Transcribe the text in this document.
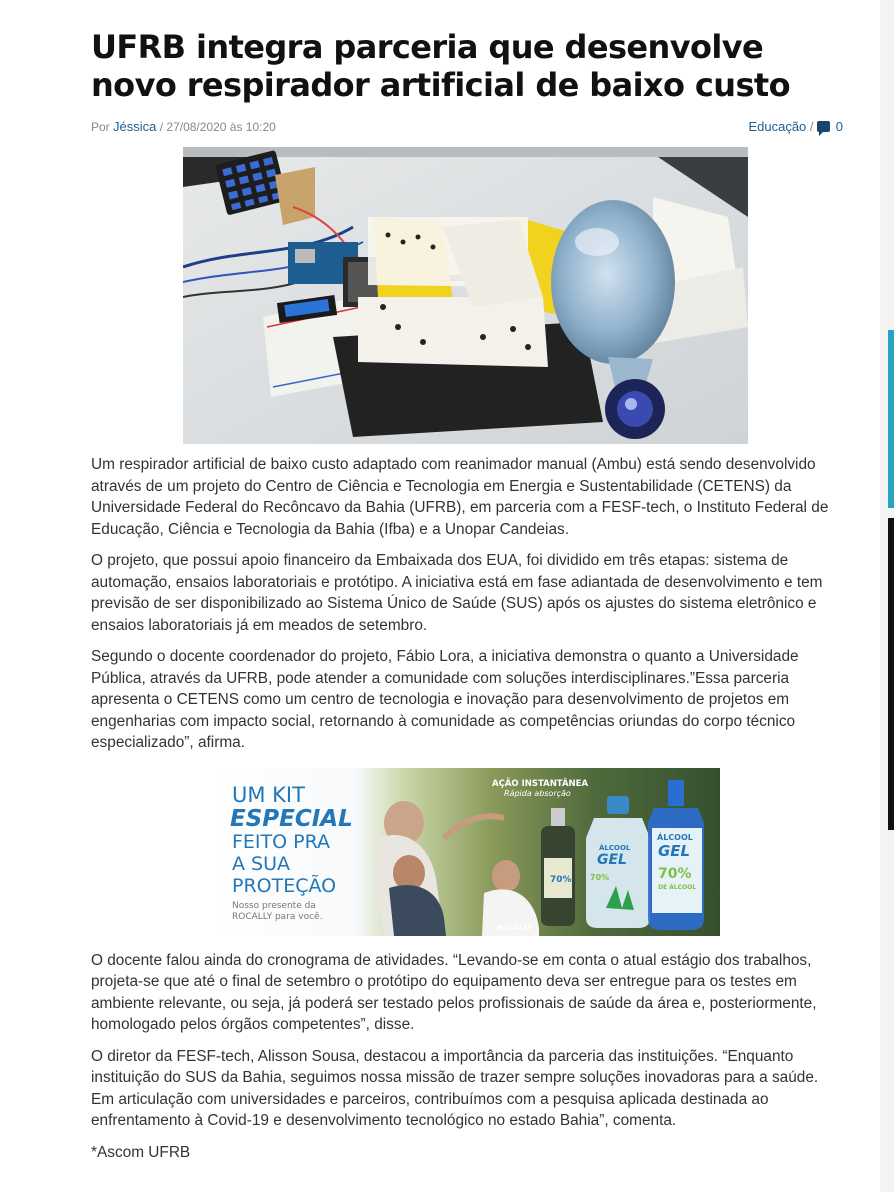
UFRB integra parceria que desenvolve novo respirador artificial de baixo custo
Por Jéssica / 27/08/2020 às 10:20	Educação /  0

Um respirador artificial de baixo custo adaptado com reanimador manual (Ambu) está sendo desenvolvido através de um projeto do Centro de Ciência e Tecnologia em Energia e Sustentabilidade (CETENS) da Universidade Federal do Recôncavo da Bahia (UFRB), em parceria com a FESF-tech, o Instituto Federal de Educação, Ciência e Tecnologia da Bahia (Ifba) e a Unopar Candeias.

O projeto, que possui apoio financeiro da Embaixada dos EUA, foi dividido em três etapas: sistema de automação, ensaios laboratoriais e protótipo. A iniciativa está em fase adiantada de desenvolvimento e tem previsão de ser disponibilizado ao Sistema Único de Saúde (SUS) após os ajustes do sistema eletrônico e ensaios laboratoriais já em meados de setembro.

Segundo o docente coordenador do projeto, Fábio Lora, a iniciativa demonstra o quanto a Universidade Pública, através da UFRB, pode atender a comunidade com soluções interdisciplinares.”Essa parceria apresenta o CETENS como um centro de tecnologia e inovação para desenvolvimento de projetos em engenharias com impacto social, retornando à comunidade as competências oriundas do corpo técnico especializado”, afirma.

UM KIT
ESPECIAL
FEITO PRA
A SUA
PROTEÇÃO
Nosso presente da
ROCALLY para você.
AÇÃO INSTANTÂNEA
Rápida absorção
70%
ÁLCOOL
GEL
70%
ÁLCOOL
GEL
70%
DE ÁLCOOL
ROCALLY

O docente falou ainda do cronograma de atividades. “Levando-se em conta o atual estágio dos trabalhos, projeta-se que até o final de setembro o protótipo do equipamento deva ser entregue para os testes em ambiente relevante, ou seja, já poderá ser testado pelos profissionais de saúde da área e, posteriormente, homologado pelos órgãos competentes”, disse.

O diretor da FESF-tech, Alisson Sousa, destacou a importância da parceria das instituições. “Enquanto instituição do SUS da Bahia, seguimos nossa missão de trazer sempre soluções inovadoras para a saúde. Em articulação com universidades e parceiros, contribuímos com a pesquisa aplicada destinada ao enfrentamento à Covid-19 e desenvolvimento tecnológico no estado Bahia”, comenta.

*Ascom UFRB
